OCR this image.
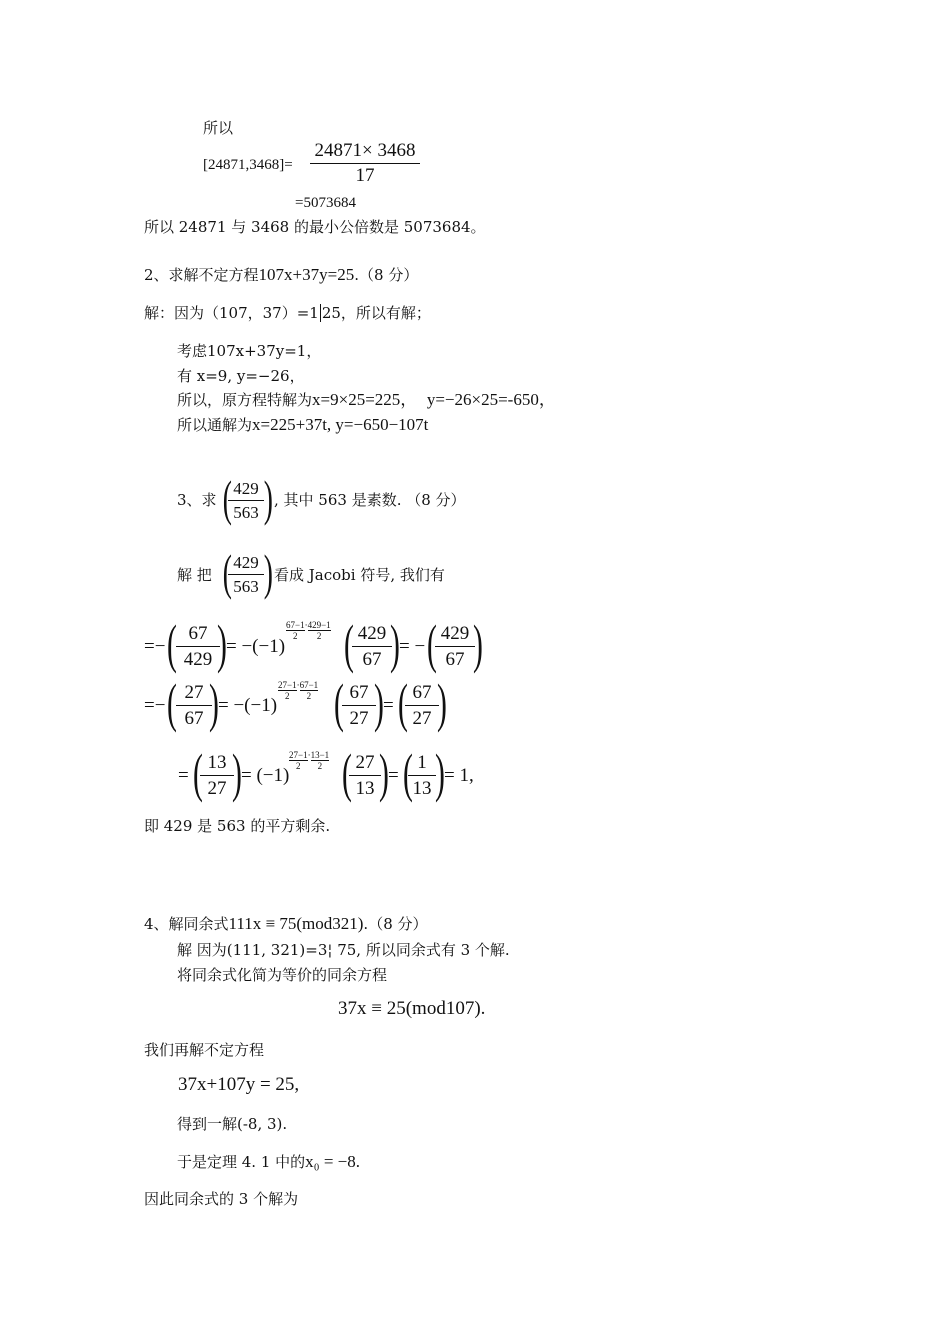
所以
[24871,3468]=
24871× 3468
17
=5073684
所以 24871 与 3468 的最小公倍数是 5073684。
2、求解不定方程107x+37y=25.（8 分）
解：因为（107，37）=1 25，所以有解；
考虑107x+37y=1，
有 x=9, y=−26，
所以，原方程特解为x=9×25=225， y=−26×25=-650，
所以通解为x=225+37t, y=−650−107t
3、求 ( 429
563 ) , 其中 563 是素数. （8 分）
解 把 ( 429
563 ) 看成 Jacobi 符号, 我们有
=− ( 67
429 ) = −(−1)
$\frac{67-1}{2}\cdot\frac{429-1}{2}$ ( 429
67 ) = − ( 429
67 )
=− ( 27
67 ) = −(−1)
$\frac{27-1}{2}\cdot\frac{67-1}{2}$ ( 67
27 ) = ( 67
27 )
= ( 13
27 ) = (−1)
$\frac{27-1}{2}\cdot\frac{13-1}{2}$ ( 27
13 ) = ( 1
13 ) = 1,
即 429 是 563 的平方剩余.
4、解同余式111x ≡ 75(mod321).（8 分）
解 因为(111, 321)=3¦ 75, 所以同余式有 3 个解.
将同余式化简为等价的同余方程
37x ≡ 25(mod107).
我们再解不定方程
37x+107y = 25,
得到一解(-8, 3).
于是定理 4. 1 中的x₀ = −8.
因此同余式的 3 个解为
